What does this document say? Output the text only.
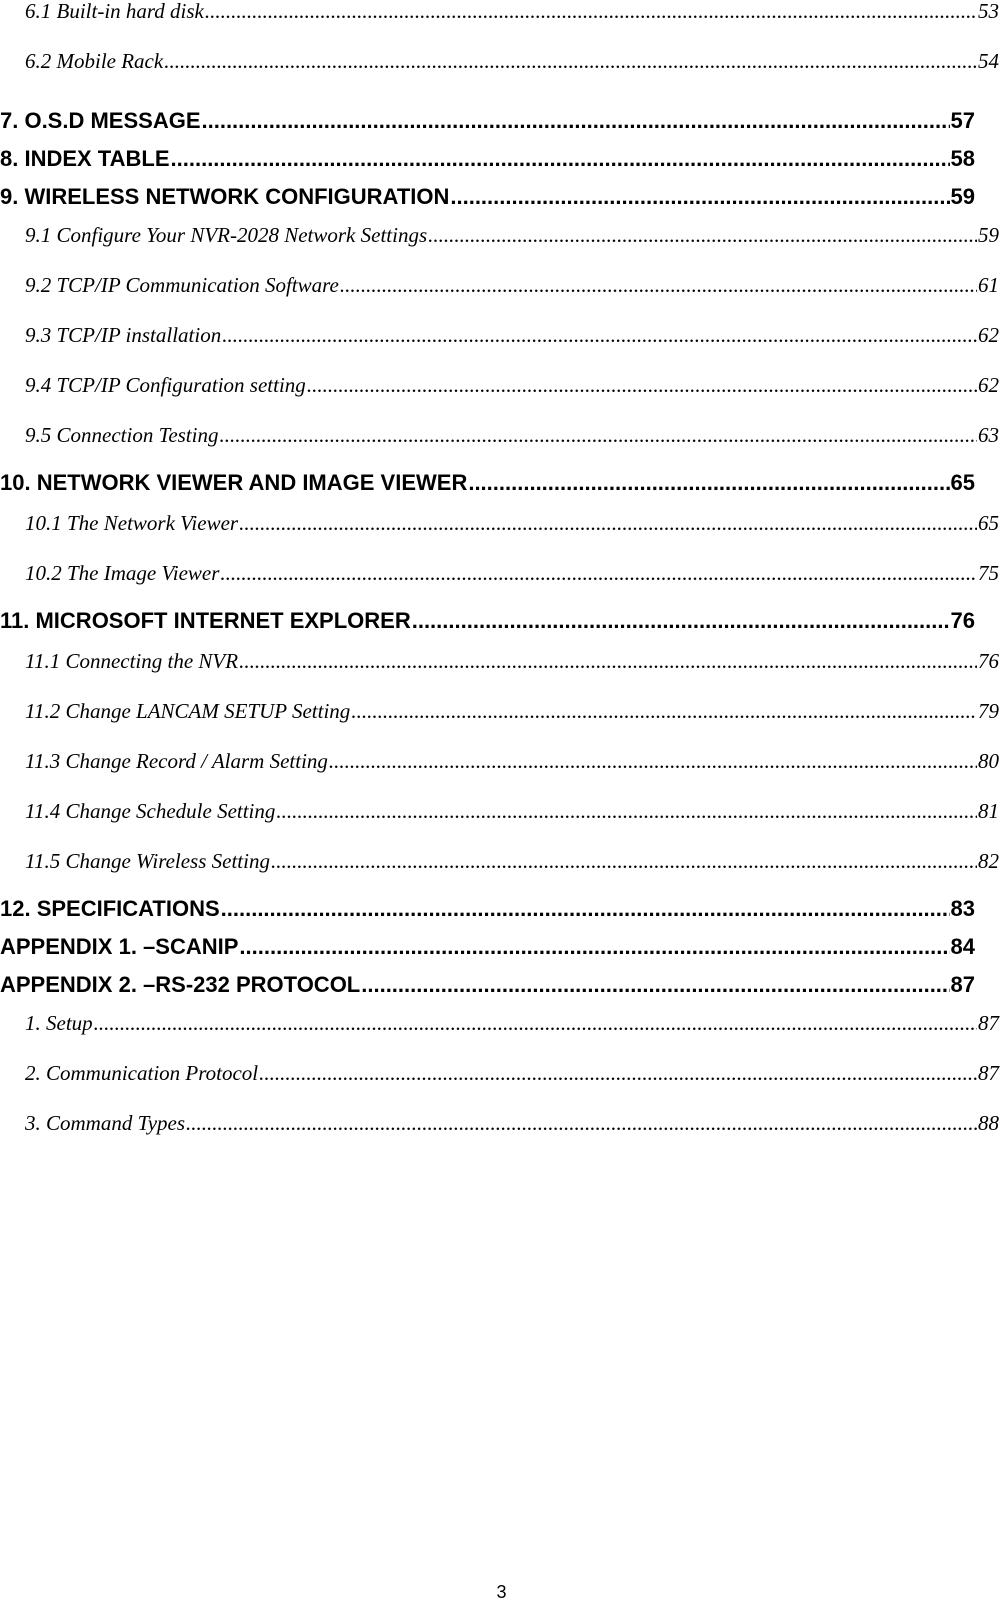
6.1 Built-in hard disk .....	53
6.2 Mobile Rack .....	54
7. O.S.D MESSAGE .....	57
8. INDEX TABLE .....	58
9. WIRELESS NETWORK CONFIGURATION .....	59
9.1 Configure Your NVR-2028 Network Settings .....	59
9.2 TCP/IP Communication Software .....	61
9.3 TCP/IP installation .....	62
9.4 TCP/IP Configuration setting .....	62
9.5 Connection Testing .....	63
10. NETWORK VIEWER AND IMAGE VIEWER .....	65
10.1 The Network Viewer .....	65
10.2 The Image Viewer .....	75
11. MICROSOFT INTERNET EXPLORER .....	76
11.1 Connecting the NVR .....	76
11.2 Change LANCAM SETUP Setting .....	79
11.3 Change Record / Alarm Setting .....	80
11.4 Change Schedule Setting .....	81
11.5 Change Wireless Setting .....	82
12. SPECIFICATIONS .....	83
APPENDIX 1. –SCANIP .....	84
APPENDIX 2. –RS-232 PROTOCOL .....	87
1. Setup .....	87
2. Communication Protocol .....	87
3. Command Types .....	88
3
